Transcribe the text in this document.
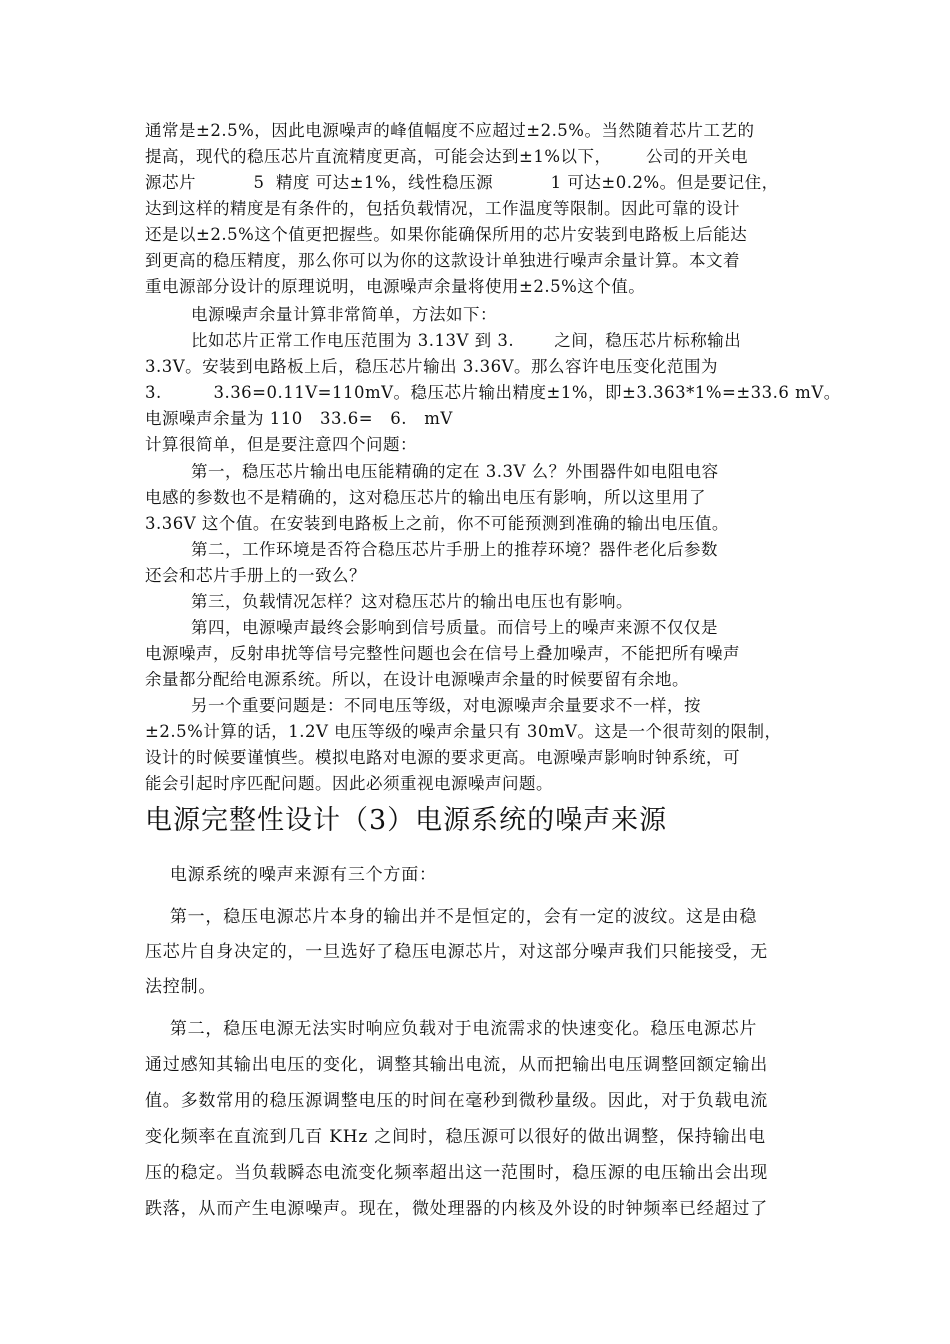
通常是±2.5%，因此电源噪声的峰值幅度不应超过±2.5%。当然随着芯片工艺的
提高，现代的稳压芯片直流精度更高，可能会达到±1%以下，      公司的开关电
源芯片          5  精度 可达±1%，线性稳压源          1 可达±0.2%。但是要记住，
达到这样的精度是有条件的，包括负载情况，工作温度等限制。因此可靠的设计
还是以±2.5%这个值更把握些。如果你能确保所用的芯片安装到电路板上后能达
到更高的稳压精度，那么你可以为你的这款设计单独进行噪声余量计算。本文着
重电源部分设计的原理说明，电源噪声余量将使用±2.5%这个值。
电源噪声余量计算非常简单，方法如下：
比如芯片正常工作电压范围为 3.13V 到 3.       之间，稳压芯片标称输出
3.3V。安装到电路板上后，稳压芯片输出 3.36V。那么容许电压变化范围为
3.         3.36=0.11V=110mV。稳压芯片输出精度±1%，即±3.363*1%=±33.6 mV。
电源噪声余量为 110   33.6=   6.   mV
计算很简单，但是要注意四个问题：
第一，稳压芯片输出电压能精确的定在 3.3V 么？外围器件如电阻电容
电感的参数也不是精确的，这对稳压芯片的输出电压有影响，所以这里用了
3.36V 这个值。在安装到电路板上之前，你不可能预测到准确的输出电压值。
第二，工作环境是否符合稳压芯片手册上的推荐环境？器件老化后参数
还会和芯片手册上的一致么？
第三，负载情况怎样？这对稳压芯片的输出电压也有影响。
第四，电源噪声最终会影响到信号质量。而信号上的噪声来源不仅仅是
电源噪声，反射串扰等信号完整性问题也会在信号上叠加噪声，不能把所有噪声
余量都分配给电源系统。所以，在设计电源噪声余量的时候要留有余地。
另一个重要问题是：不同电压等级，对电源噪声余量要求不一样，按
±2.5%计算的话，1.2V 电压等级的噪声余量只有 30mV。这是一个很苛刻的限制，
设计的时候要谨慎些。模拟电路对电源的要求更高。电源噪声影响时钟系统，可
能会引起时序匹配问题。因此必须重视电源噪声问题。
电源完整性设计（3）电源系统的噪声来源
电源系统的噪声来源有三个方面：
第一，稳压电源芯片本身的输出并不是恒定的，会有一定的波纹。这是由稳
压芯片自身决定的，一旦选好了稳压电源芯片，对这部分噪声我们只能接受，无
法控制。
第二，稳压电源无法实时响应负载对于电流需求的快速变化。稳压电源芯片
通过感知其输出电压的变化，调整其输出电流，从而把输出电压调整回额定输出
值。多数常用的稳压源调整电压的时间在毫秒到微秒量级。因此，对于负载电流
变化频率在直流到几百 KHz 之间时，稳压源可以很好的做出调整，保持输出电
压的稳定。当负载瞬态电流变化频率超出这一范围时，稳压源的电压输出会出现
跌落，从而产生电源噪声。现在，微处理器的内核及外设的时钟频率已经超过了
